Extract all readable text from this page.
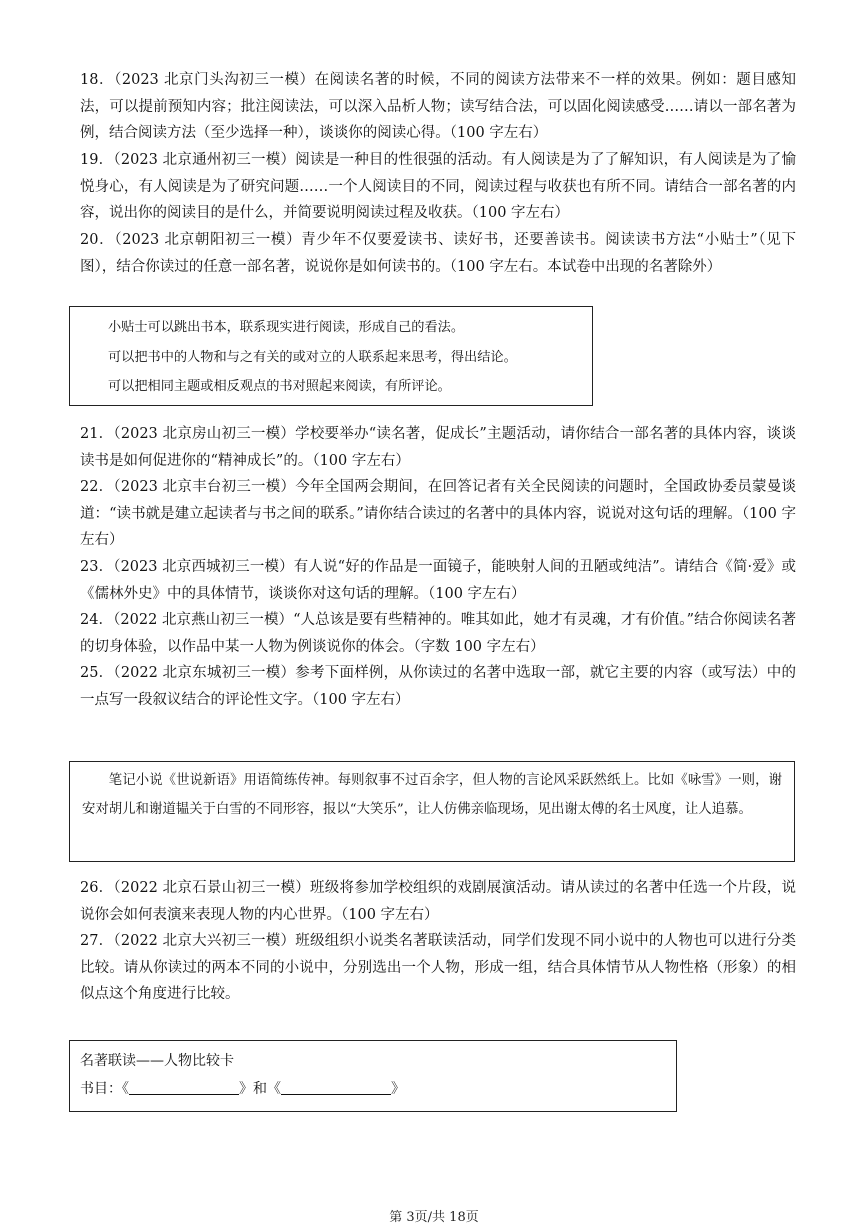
18．（2023 北京门头沟初三一模）在阅读名著的时候，不同的阅读方法带来不一样的效果。例如：题目感知法，可以提前预知内容；批注阅读法，可以深入品析人物；读写结合法，可以固化阅读感受……请以一部名著为例，结合阅读方法（至少选择一种），谈谈你的阅读心得。（100 字左右）

19．（2023 北京通州初三一模）阅读是一种目的性很强的活动。有人阅读是为了了解知识，有人阅读是为了愉悦身心，有人阅读是为了研究问题……一个人阅读目的不同，阅读过程与收获也有所不同。请结合一部名著的内容，说出你的阅读目的是什么，并简要说明阅读过程及收获。（100 字左右）

20．（2023 北京朝阳初三一模）青少年不仅要爱读书、读好书，还要善读书。阅读读书方法“小贴士”（见下图），结合你读过的任意一部名著，说说你是如何读书的。（100 字左右。本试卷中出现的名著除外）

小贴士可以跳出书本，联系现实进行阅读，形成自己的看法。

可以把书中的人物和与之有关的或对立的人联系起来思考，得出结论。

可以把相同主题或相反观点的书对照起来阅读，有所评论。

21．（2023 北京房山初三一模）学校要举办“读名著，促成长”主题活动，请你结合一部名著的具体内容，谈谈读书是如何促进你的“精神成长”的。（100 字左右）

22．（2023 北京丰台初三一模）今年全国两会期间，在回答记者有关全民阅读的问题时，全国政协委员蒙曼谈道：“读书就是建立起读者与书之间的联系。”请你结合读过的名著中的具体内容，说说对这句话的理解。（100 字左右）

23．（2023 北京西城初三一模）有人说“好的作品是一面镜子，能映射人间的丑陋或纯洁”。请结合《简·爱》或《儒林外史》中的具体情节，谈谈你对这句话的理解。（100 字左右）

24．（2022 北京燕山初三一模）“人总该是要有些精神的。唯其如此，她才有灵魂，才有价值。”结合你阅读名著的切身体验，以作品中某一人物为例谈说你的体会。（字数 100 字左右）

25．（2022 北京东城初三一模）参考下面样例，从你读过的名著中选取一部，就它主要的内容（或写法）中的一点写一段叙议结合的评论性文字。（100 字左右）

笔记小说《世说新语》用语简练传神。每则叙事不过百余字，但人物的言论风采跃然纸上。比如《咏雪》一则，谢安对胡儿和谢道韫关于白雪的不同形容，报以“大笑乐”，让人仿佛亲临现场，见出谢太傅的名士风度，让人追慕。

26．（2022 北京石景山初三一模）班级将参加学校组织的戏剧展演活动。请从读过的名著中任选一个片段，说说你会如何表演来表现人物的内心世界。（100 字左右）

27．（2022 北京大兴初三一模）班级组织小说类名著联读活动，同学们发现不同小说中的人物也可以进行分类比较。请从你读过的两本不同的小说中，分别选出一个人物，形成一组，结合具体情节从人物性格（形象）的相似点这个角度进行比较。

名著联读——人物比较卡

书目：《	》和《	》

第 3页/共 18页
